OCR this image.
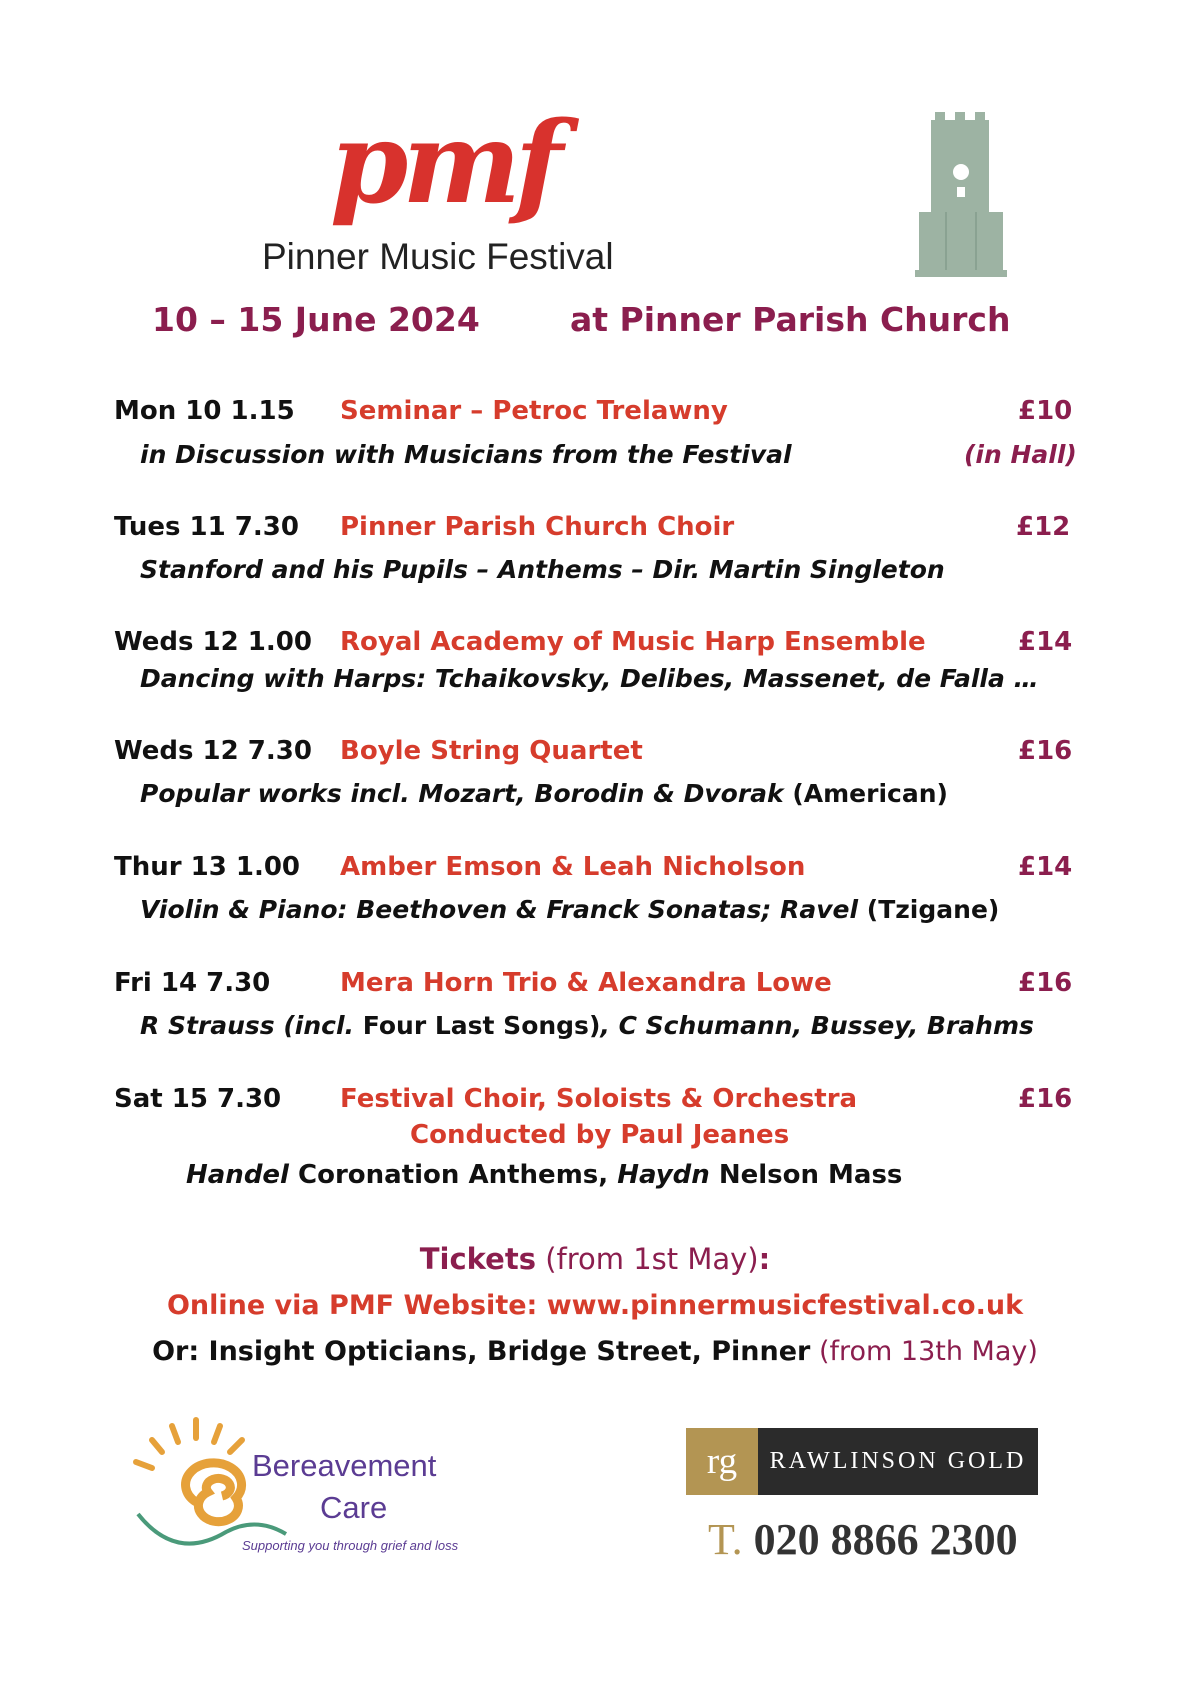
pmf
Pinner Music Festival
10 – 15 June 2024	at Pinner Parish Church
Mon 10 1.15 Seminar – Petroc Trelawny	£10
in Discussion with Musicians from the Festival	(in Hall)
Tues 11 7.30 Pinner Parish Church Choir	£12
Stanford and his Pupils – Anthems – Dir. Martin Singleton
Weds 12 1.00 Royal Academy of Music Harp Ensemble	£14
Dancing with Harps: Tchaikovsky, Delibes, Massenet, de Falla …
Weds 12 7.30 Boyle String Quartet	£16
Popular works incl. Mozart, Borodin & Dvorak (American)
Thur 13 1.00 Amber Emson & Leah Nicholson	£14
Violin & Piano: Beethoven & Franck Sonatas; Ravel (Tzigane)
Fri 14 7.30	Mera Horn Trio & Alexandra Lowe	£16
R Strauss (incl. Four Last Songs), C Schumann, Bussey, Brahms
Sat 15 7.30 Festival Choir, Soloists & Orchestra	£16
Conducted by Paul Jeanes
Handel Coronation Anthems, Haydn Nelson Mass
Tickets (from 1st May):
Online via PMF Website: www.pinnermusicfestival.co.uk
Or: Insight Opticians, Bridge Street, Pinner (from 13th May)
Bereavement
Care
Supporting you through grief and loss
rg	RAWLINSON GOLD
T. 020 8866 2300
